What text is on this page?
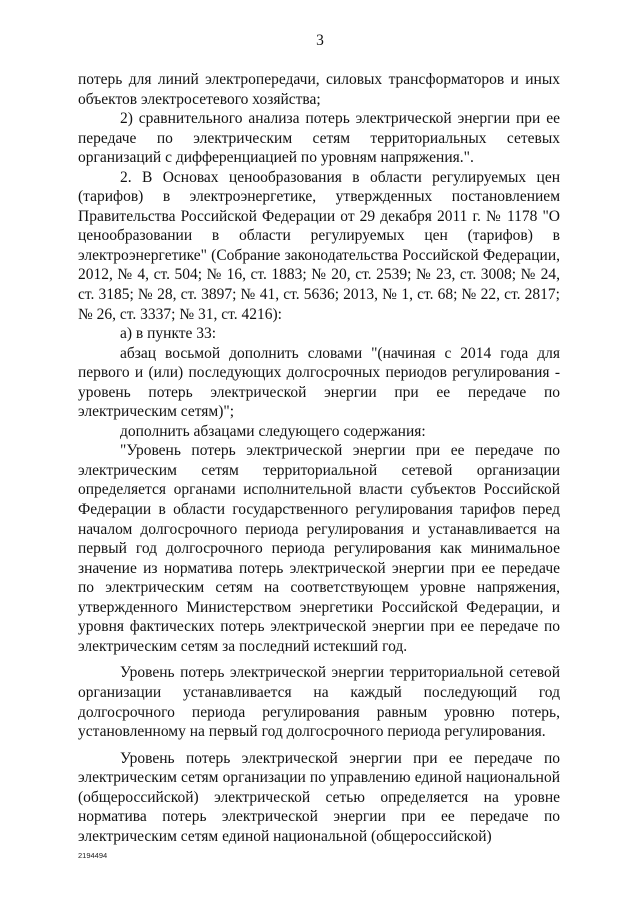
3

потерь для линий электропередачи, силовых трансформаторов и иных объектов электросетевого хозяйства;

2) сравнительного анализа потерь электрической энергии при ее передаче по электрическим сетям территориальных сетевых организаций с дифференциацией по уровням напряжения.".

2. В Основах ценообразования в области регулируемых цен (тарифов) в электроэнергетике, утвержденных постановлением Правительства Российской Федерации от 29 декабря 2011 г. № 1178 "О ценообразовании в области регулируемых цен (тарифов) в электроэнергетике" (Собрание законодательства Российской Федерации, 2012, № 4, ст. 504; № 16, ст. 1883; № 20, ст. 2539; № 23, ст. 3008; № 24, ст. 3185; № 28, ст. 3897; № 41, ст. 5636; 2013, № 1, ст. 68; № 22, ст. 2817; № 26, ст. 3337; № 31, ст. 4216):

а) в пункте 33:

абзац восьмой дополнить словами "(начиная с 2014 года для первого и (или) последующих долгосрочных периодов регулирования - уровень потерь электрической энергии при ее передаче по электрическим сетям)";

дополнить абзацами следующего содержания:

"Уровень потерь электрической энергии при ее передаче по электрическим сетям территориальной сетевой организации определяется органами исполнительной власти субъектов Российской Федерации в области государственного регулирования тарифов перед началом долгосрочного периода регулирования и устанавливается на первый год долгосрочного периода регулирования как минимальное значение из норматива потерь электрической энергии при ее передаче по электрическим сетям на соответствующем уровне напряжения, утвержденного Министерством энергетики Российской Федерации, и уровня фактических потерь электрической энергии при ее передаче по электрическим сетям за последний истекший год.

Уровень потерь электрической энергии территориальной сетевой организации устанавливается на каждый последующий год долгосрочного периода регулирования равным уровню потерь, установленному на первый год долгосрочного периода регулирования.

Уровень потерь электрической энергии при ее передаче по электрическим сетям организации по управлению единой национальной (общероссийской) электрической сетью определяется на уровне норматива потерь электрической энергии при ее передаче по электрическим сетям единой национальной (общероссийской)

2194494
